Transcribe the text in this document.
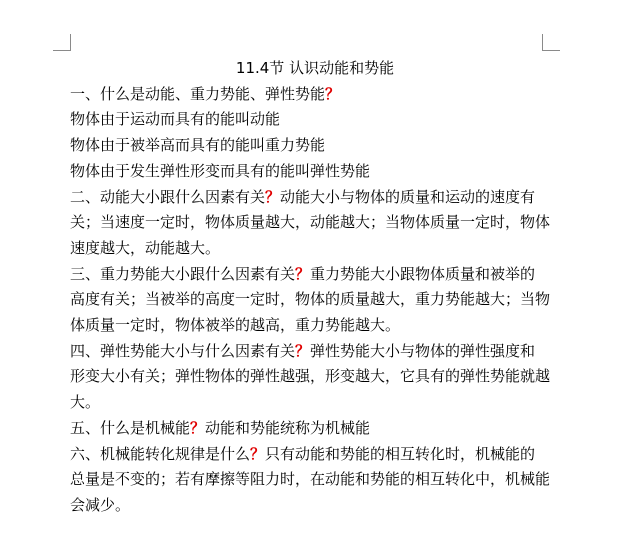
11.4节 认识动能和势能

一、什么是动能、重力势能、弹性势能？

物体由于运动而具有的能叫动能

物体由于被举高而具有的能叫重力势能

物体由于发生弹性形变而具有的能叫弹性势能

二、动能大小跟什么因素有关？动能大小与物体的质量和运动的速度有关；当速度一定时，物体质量越大，动能越大；当物体质量一定时，物体速度越大，动能越大。

三、重力势能大小跟什么因素有关？重力势能大小跟物体质量和被举的高度有关；当被举的高度一定时，物体的质量越大，重力势能越大；当物体质量一定时，物体被举的越高，重力势能越大。

四、弹性势能大小与什么因素有关？弹性势能大小与物体的弹性强度和形变大小有关；弹性物体的弹性越强，形变越大，它具有的弹性势能就越大。

五、什么是机械能？动能和势能统称为机械能

六、机械能转化规律是什么？只有动能和势能的相互转化时，机械能的总量是不变的；若有摩擦等阻力时，在动能和势能的相互转化中，机械能会减少。
